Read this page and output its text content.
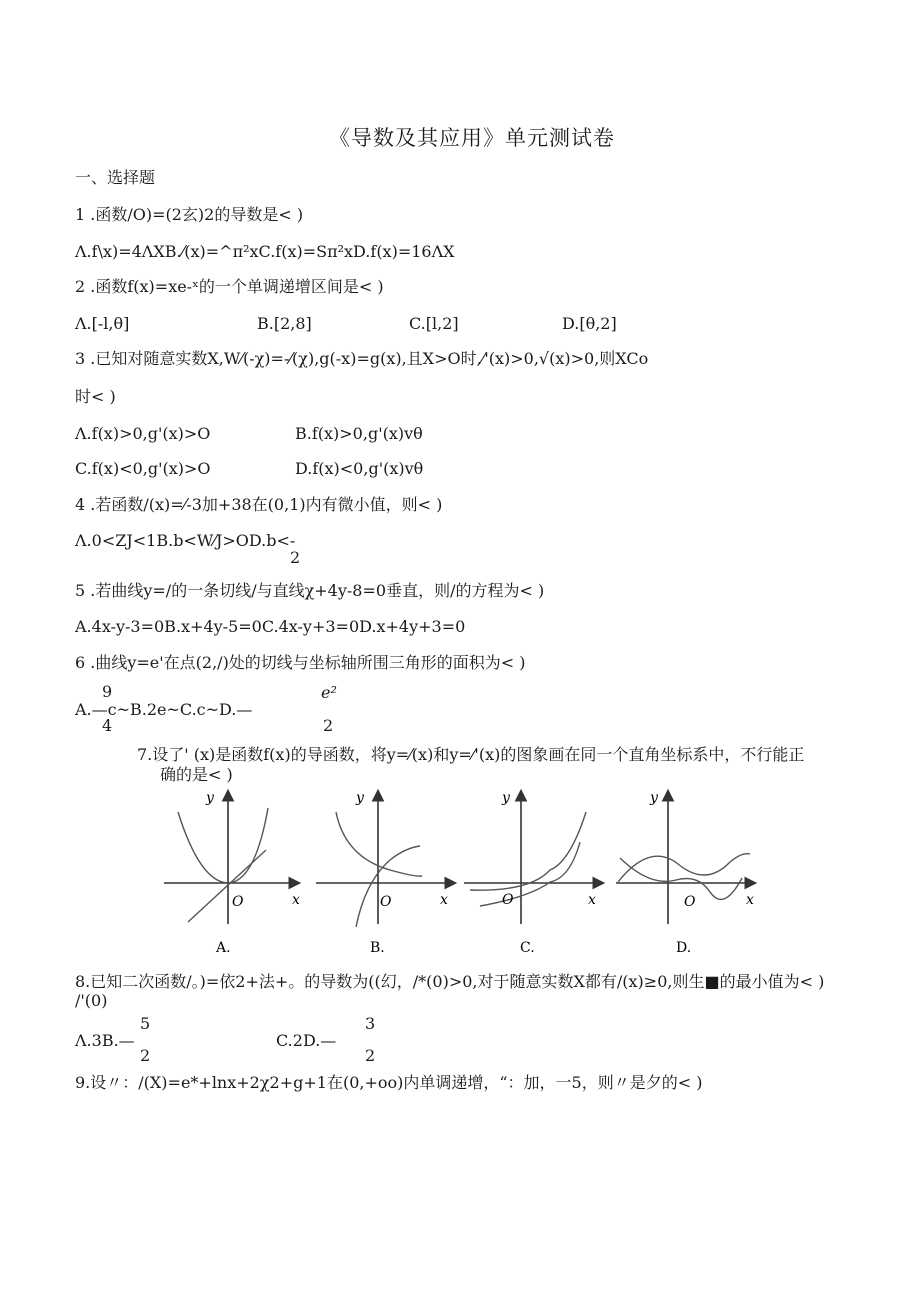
《导数及其应用》单元测试卷
一、选择题
1 .函数/O)=(2玄)2的导数是< )
Λ.f\x)=4ΛXB.⁄(x)=^π²xC.f(x)=Sπ²xD.f(x)=16ΛX
2 .函数f(x)=xe-ˣ的一个单调递增区间是< )
Λ.[-l,θ]	B.[2,8]	C.[l,2]	D.[θ,2]
3 .已知对随意实数X,W⁄(-χ)=-⁄(χ),g(-x)=g(x),且X>O时,⁄'(x)>0,√(x)>0,则XCo
时< )
Λ.f(x)>0,g'(x)>O	B.f(x)>0,g'(x)vθ
C.f(x)<0,g'(x)>O	D.f(x)<0,g'(x)vθ
4 .若函数/(x)=⁄-3加+38在(0,1)内有微小值，则< )
Λ.0<ZJ<1B.b<W⁄J>OD.b<-
2
5 .若曲线y=/的一条切线/与直线χ+4y-8=0垂直，则/的方程为< )
A.4x-y-3=0B.x+4y-5=0C.4x-y+3=0D.x+4y+3=0
6 .曲线y=e'在点(2,/)处的切线与坐标轴所围三角形的面积为< )
9	e²
A.—c~B.2e~C.c~D.—
4	2
7.设了' (x)是函数f(x)的导函数，将y=⁄(x)和y=⁄'(x)的图象画在同一个直角坐标系中，不行能正
确的是< )
y
x
O
A.
y
x
O
B.
y
x
O
C.
y
x
O
D.
8.已知二次函数/。)=依2+法+。的导数为((幻，/*(0)>0,对于随意实数X都有/(x)≥0,则生■的最小值为< )
/'(0)
5	3
Λ.3B.—	C.2D.—
2	2
9.设〃：/(X)=e*+lnx+2χ2+g+1在(0,+oo)内单调递增，“：加，一5，则〃是夕的< )
